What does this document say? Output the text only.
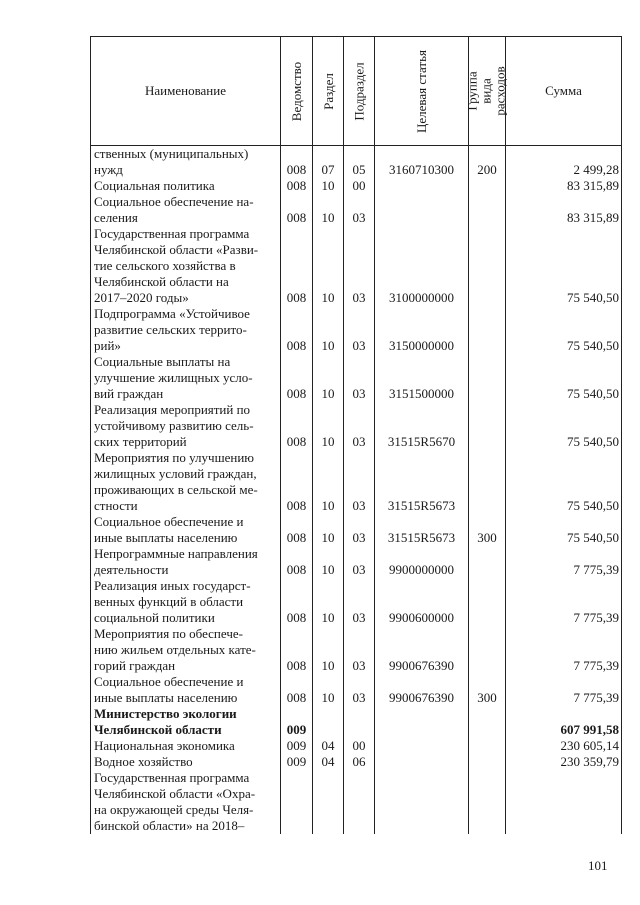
Наименование	Ведомство	Раздел	Подраздел	Целевая статья	Группа вида расходов	Сумма
ственных (муниципальных)
нужд	008	07	05	3160710300	200	2 499,28
Социальная политика	008	10	00			83 315,89
Социальное обеспечение на-
селения	008	10	03			83 315,89
Государственная программа
Челябинской области «Разви-
тие сельского хозяйства в
Челябинской области на
2017–2020 годы»	008	10	03	3100000000		75 540,50
Подпрограмма «Устойчивое
развитие сельских террито-
рий»	008	10	03	3150000000		75 540,50
Социальные выплаты на
улучшение жилищных усло-
вий граждан	008	10	03	3151500000		75 540,50
Реализация мероприятий по
устойчивому развитию сель-
ских территорий	008	10	03	31515R5670		75 540,50
Мероприятия по улучшению
жилищных условий граждан,
проживающих в сельской ме-
стности	008	10	03	31515R5673		75 540,50
Социальное обеспечение и
иные выплаты населению	008	10	03	31515R5673	300	75 540,50
Непрограммные направления
деятельности	008	10	03	9900000000		7 775,39
Реализация иных государст-
венных функций в области
социальной политики	008	10	03	9900600000		7 775,39
Мероприятия по обеспече-
нию жильем отдельных кате-
горий граждан	008	10	03	9900676390		7 775,39
Социальное обеспечение и
иные выплаты населению	008	10	03	9900676390	300	7 775,39
Министерство экологии
Челябинской области	009					607 991,58
Национальная экономика	009	04	00			230 605,14
Водное хозяйство	009	04	06			230 359,79
Государственная программа
Челябинской области «Охра-
на окружающей среды Челя-
бинской области» на 2018–						
101
